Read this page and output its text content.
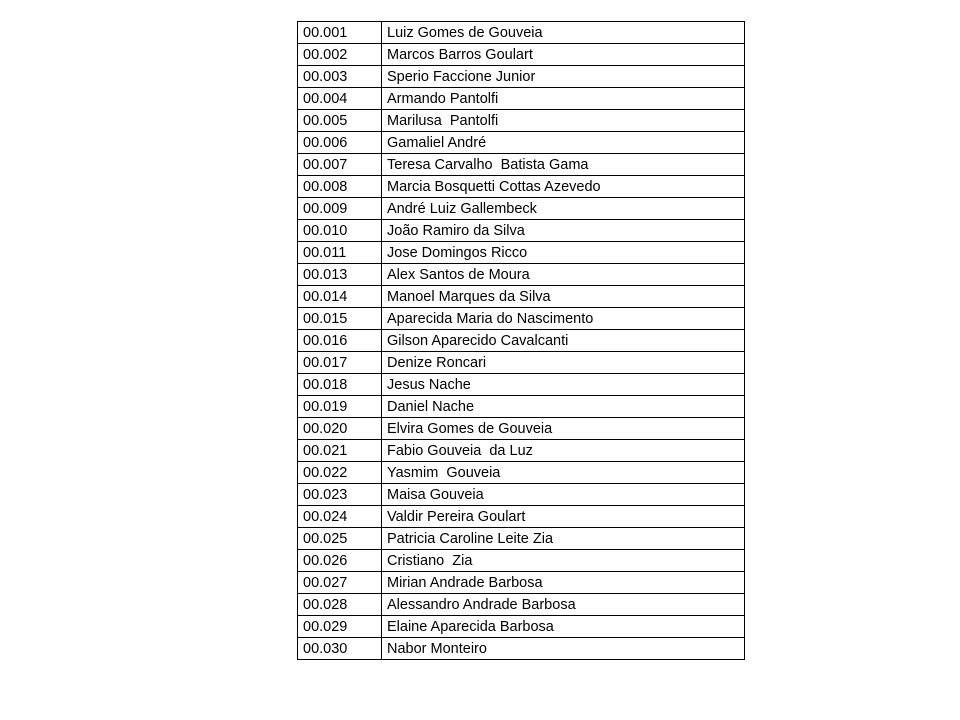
00.001	Luiz Gomes de Gouveia
00.002	Marcos Barros Goulart
00.003	Sperio Faccione Junior
00.004	Armando Pantolfi
00.005	Marilusa  Pantolfi
00.006	Gamaliel André
00.007	Teresa Carvalho  Batista Gama
00.008	Marcia Bosquetti Cottas Azevedo
00.009	André Luiz Gallembeck
00.010	João Ramiro da Silva
00.011	Jose Domingos Ricco
00.013	Alex Santos de Moura
00.014	Manoel Marques da Silva
00.015	Aparecida Maria do Nascimento
00.016	Gilson Aparecido Cavalcanti
00.017	Denize Roncari
00.018	Jesus Nache
00.019	Daniel Nache
00.020	Elvira Gomes de Gouveia
00.021	Fabio Gouveia  da Luz
00.022	Yasmim  Gouveia
00.023	Maisa Gouveia
00.024	Valdir Pereira Goulart
00.025	Patricia Caroline Leite Zia
00.026	Cristiano  Zia
00.027	Mirian Andrade Barbosa
00.028	Alessandro Andrade Barbosa
00.029	Elaine Aparecida Barbosa
00.030	Nabor Monteiro
